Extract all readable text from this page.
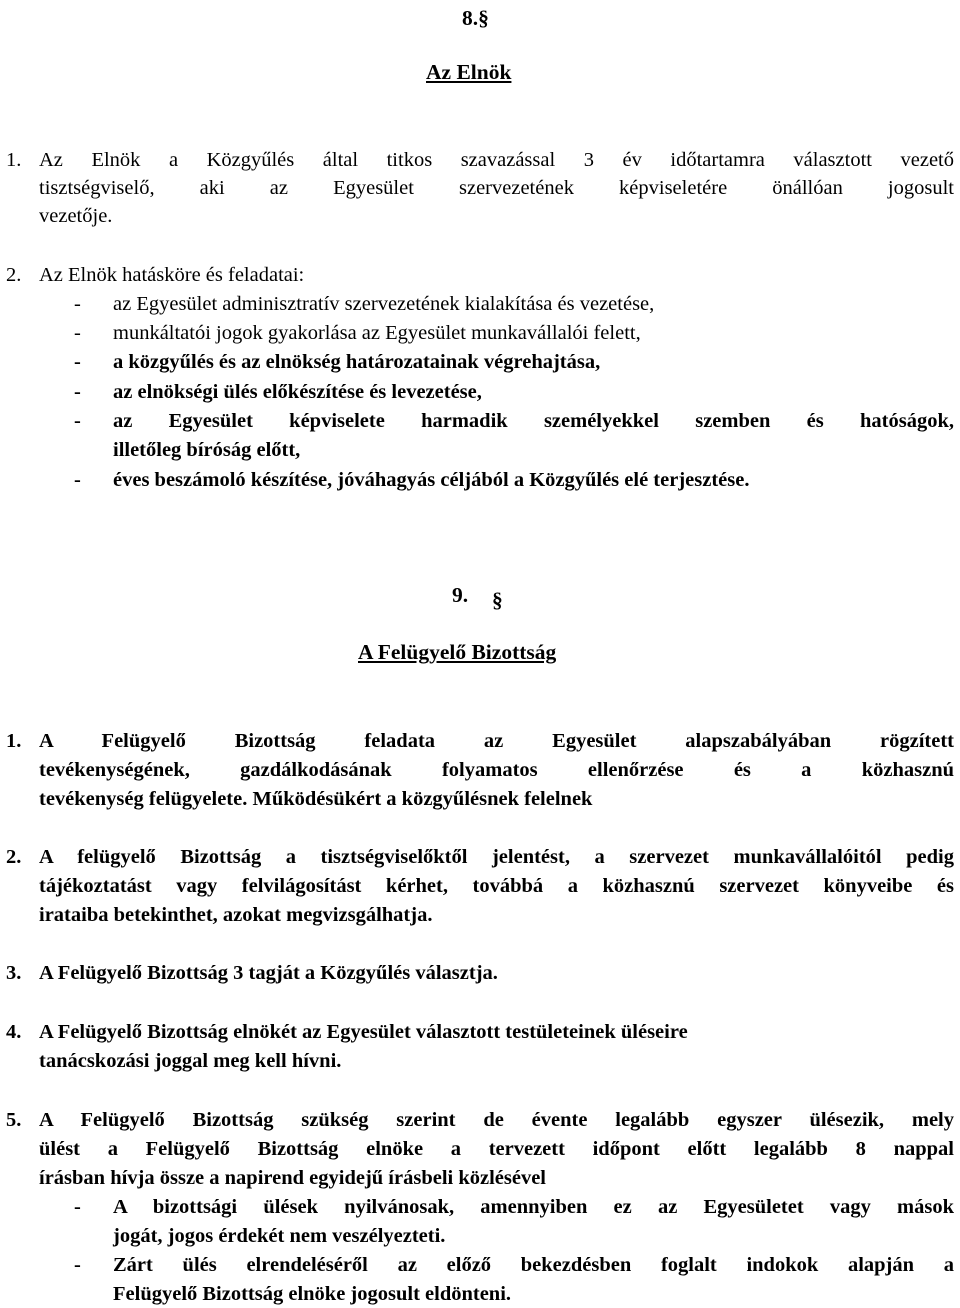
8.§
Az Elnök
1. Az Elnök a Közgyűlés által titkos szavazással 3 év időtartamra választott vezető
tisztségviselő, aki az Egyesület szervezetének képviseletére önállóan jogosult
vezetője.
2. Az Elnök hatásköre és feladatai:
- az Egyesület adminisztratív szervezetének kialakítása és vezetése,
- munkáltatói jogok gyakorlása az Egyesület munkavállalói felett,
- a közgyűlés és az elnökség határozatainak végrehajtása,
- az elnökségi ülés előkészítése és levezetése,
- az Egyesület képviselete harmadik személyekkel szemben és hatóságok,
illetőleg bíróság előtt,
- éves beszámoló készítése, jóváhagyás céljából a Közgyűlés elé terjesztése.
9. §
A Felügyelő Bizottság
1. A Felügyelő Bizottság feladata az Egyesület alapszabályában rögzített
tevékenységének, gazdálkodásának folyamatos ellenőrzése és a közhasznú
tevékenység felügyelete. Működésükért a közgyűlésnek felelnek
2. A felügyelő Bizottság a tisztségviselőktől jelentést, a szervezet munkavállalóitól pedig
tájékoztatást vagy felvilágosítást kérhet, továbbá a közhasznú szervezet könyveibe és
irataiba betekinthet, azokat megvizsgálhatja.
3. A Felügyelő Bizottság 3 tagját a Közgyűlés választja.
4. A Felügyelő Bizottság elnökét az Egyesület választott testületeinek üléseire
tanácskozási joggal meg kell hívni.
5. A Felügyelő Bizottság szükség szerint de évente legalább egyszer ülésezik, mely
ülést a Felügyelő Bizottság elnöke a tervezett időpont előtt legalább 8 nappal
írásban hívja össze a napirend egyidejű írásbeli közlésével
- A bizottsági ülések nyilvánosak, amennyiben ez az Egyesületet vagy mások
jogát, jogos érdekét nem veszélyezteti.
- Zárt ülés elrendeléséről az előző bekezdésben foglalt indokok alapján a
Felügyelő Bizottság elnöke jogosult eldönteni.
